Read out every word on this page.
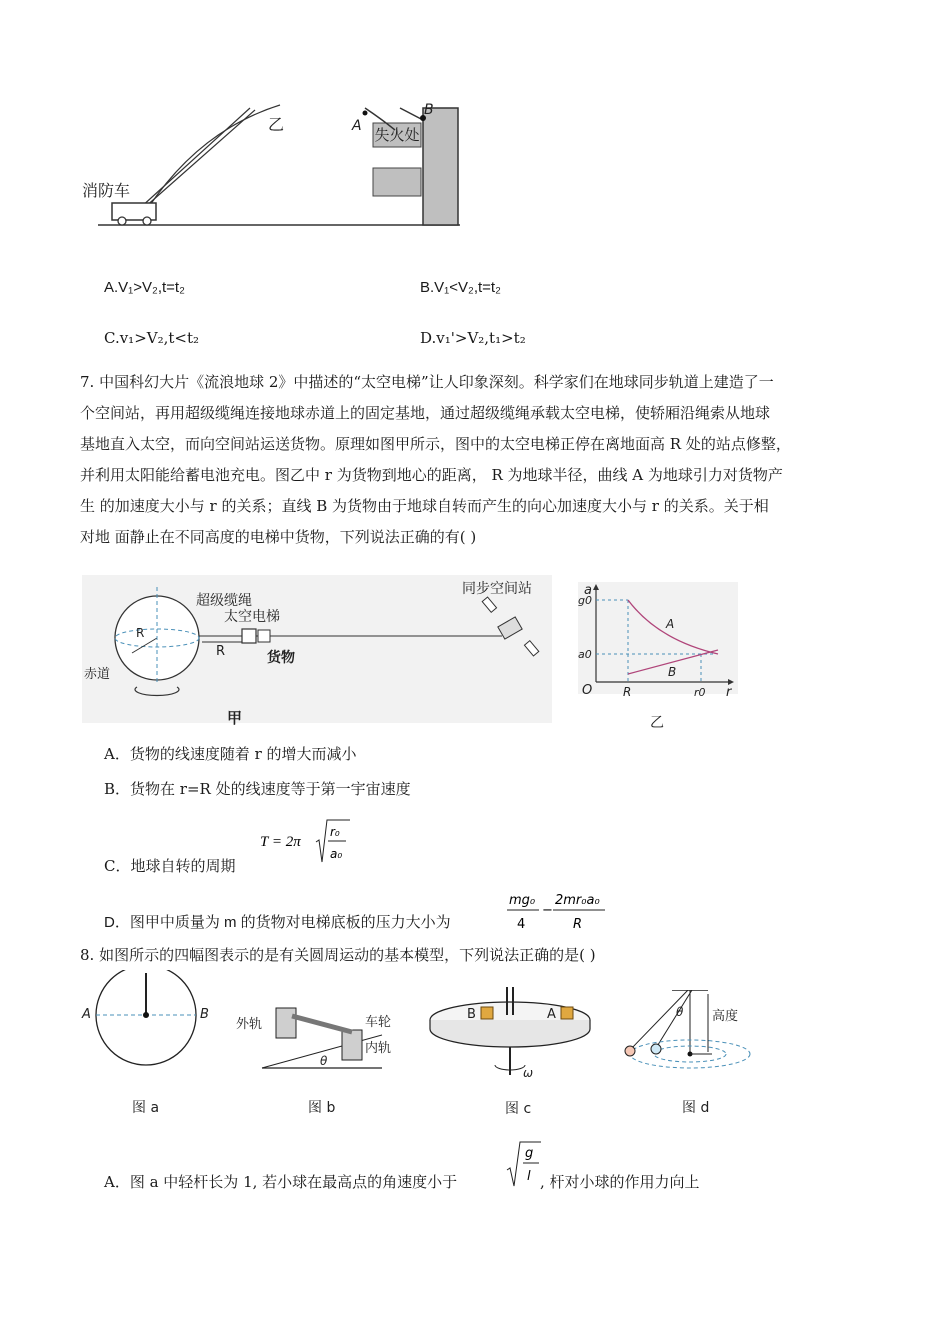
失火处
乙	A
B
消防车
A.V₁>V₂,t=t₂	B.V₁<V₂,t=t₂
C.v₁>V₂,t<t₂	D.v₁'>V₂,t₁>t₂
7. 中国科幻大片《流浪地球 2》中描述的“太空电梯”让人印象深刻。科学家们在地球同步轨道上建造了一
个空间站，再用超级缆绳连接地球赤道上的固定基地，通过超级缆绳承载太空电梯，使轿厢沿绳索从地球
基地直入太空，而向空间站运送货物。原理如图甲所示，图中的太空电梯正停在离地面高 R 处的站点修整，
并利用太阳能给蓄电池充电。图乙中 r 为货物到地心的距离， R 为地球半径，曲线 A 为地球引力对货物产
生 的加速度大小与 r 的关系；直线 B 为货物由于地球自转而产生的向心加速度大小与 r 的关系。关于相
对地 面静止在不同高度的电梯中货物，下列说法正确的有( )
R
赤道
R
超级缆绳
太空电梯
货物
同步空间站
甲
a
r
O
g0
a0
R	r0
A
B
乙
A．货物的线速度随着 r 的增大而减小
B．货物在 r=R 处的线速度等于第一宇宙速度
C．地球自转的周期
T = 2π
r₀
a₀
D．图甲中质量为 m 的货物对电梯底板的压力大小为
mg₀
4
−
2mr₀a₀
R
8. 如图所示的四幅图表示的是有关圆周运动的基本模型，下列说法正确的是( )
A	B
图 a
外轨	车轮
内轨
θ
图 b
B	A
ω
图 c
θ 高度
图 d
A．图 a 中轻杆长为 1, 若小球在最高点的角速度小于
g
l , 杆对小球的作用力向上
